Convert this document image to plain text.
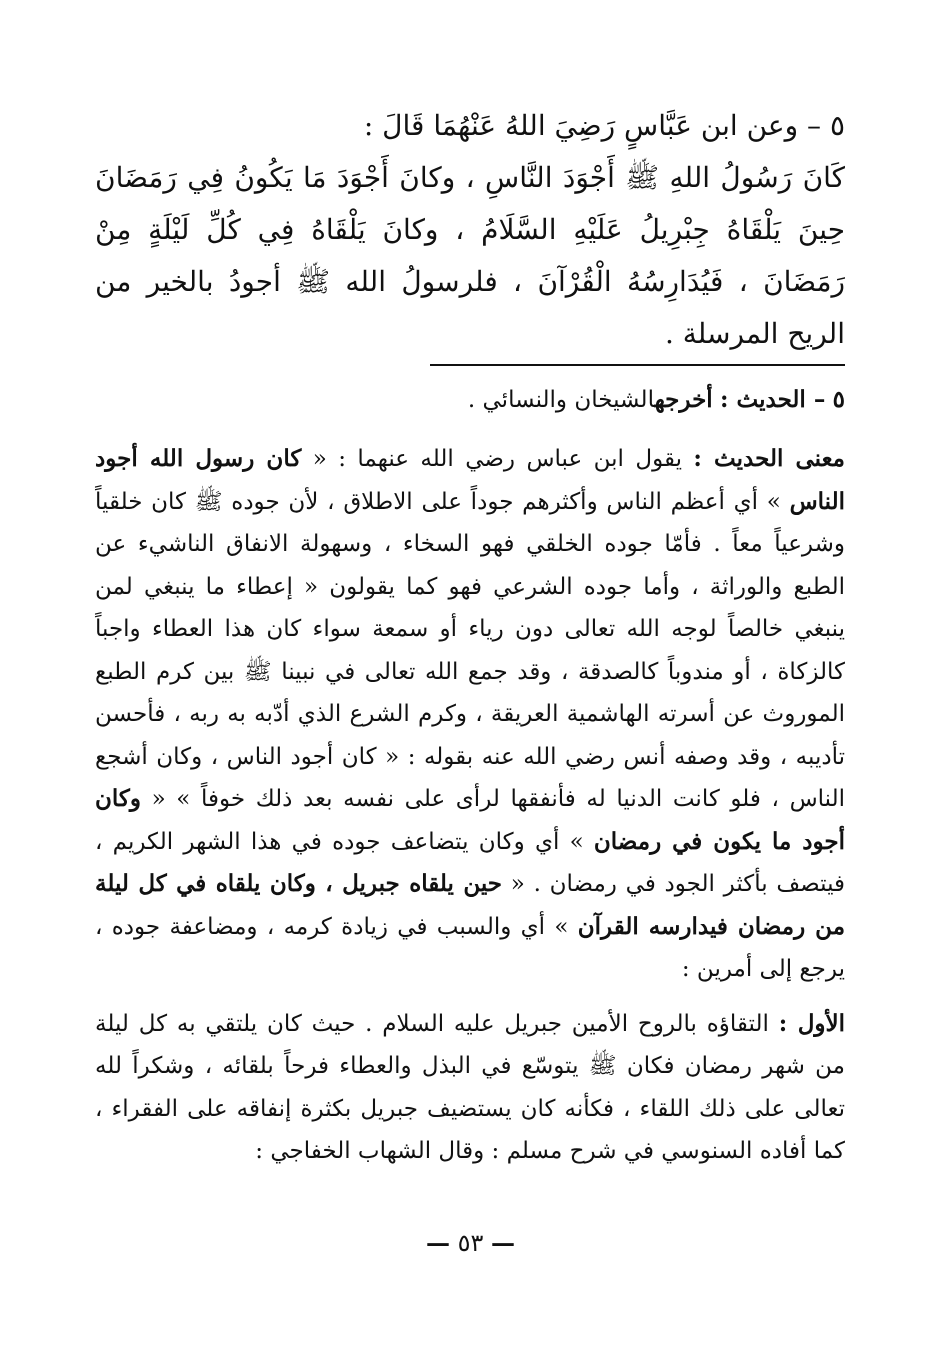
٥ – وعن ابن عَبَّاسٍ رَضِيَ اللهُ عَنْهُمَا قَالَ :
كَانَ رَسُولُ اللهِ ﷺ أَجْوَدَ النَّاسِ ، وكانَ أَجْوَدَ مَا يَكُونُ فِي رَمَضَانَ حِينَ يَلْقَاهُ جِبْرِيلُ عَلَيْهِ السَّلَامُ ، وكانَ يَلْقَاهُ فِي كُلِّ لَيْلَةٍ مِنْ رَمَضَانَ ، فَيُدَارِسُهُ الْقُرْآنَ ، فلرسولُ الله ﷺ أجودُ بالخير من الريح المرسلة .

٥ – الحديث : أخرجهالشيخان والنسائي .

معنى الحديث : يقول ابن عباس رضي الله عنهما : « كان رسول الله أجود الناس » أي أعظم الناس وأكثرهم جوداً على الاطلاق ، لأن جوده ﷺ كان خلقياً وشرعياً معاً . فأمّا جوده الخلقي فهو السخاء ، وسهولة الانفاق الناشيء عن الطبع والوراثة ، وأما جوده الشرعي فهو كما يقولون « إعطاء ما ينبغي لمن ينبغي خالصاً لوجه الله تعالى دون رياء أو سمعة سواء كان هذا العطاء واجباً كالزكاة ، أو مندوباً كالصدقة ، وقد جمع الله تعالى في نبينا ﷺ بين كرم الطبع الموروث عن أسرته الهاشمية العريقة ، وكرم الشرع الذي أدّبه به ربه ، فأحسن تأديبه ، وقد وصفه أنس رضي الله عنه بقوله : « كان أجود الناس ، وكان أشجع الناس ، فلو كانت الدنيا له فأنفقها لرأى على نفسه بعد ذلك خوفاً » « وكان أجود ما يكون في رمضان » أي وكان يتضاعف جوده في هذا الشهر الكريم ، فيتصف بأكثر الجود في رمضان . « حين يلقاه جبريل ، وكان يلقاه في كل ليلة من رمضان فيدارسه القرآن » أي والسبب في زيادة كرمه ، ومضاعفة جوده ، يرجع إلى أمرين :

الأول : التقاؤه بالروح الأمين جبريل عليه السلام . حيث كان يلتقي به كل ليلة من شهر رمضان فكان ﷺ يتوسّع في البذل والعطاء فرحاً بلقائه ، وشكراً لله تعالى على ذلك اللقاء ، فكأنه كان يستضيف جبريل بكثرة إنفاقه على الفقراء ، كما أفاده السنوسي في شرح مسلم : وقال الشهاب الخفاجي :

— ٥٣ —
